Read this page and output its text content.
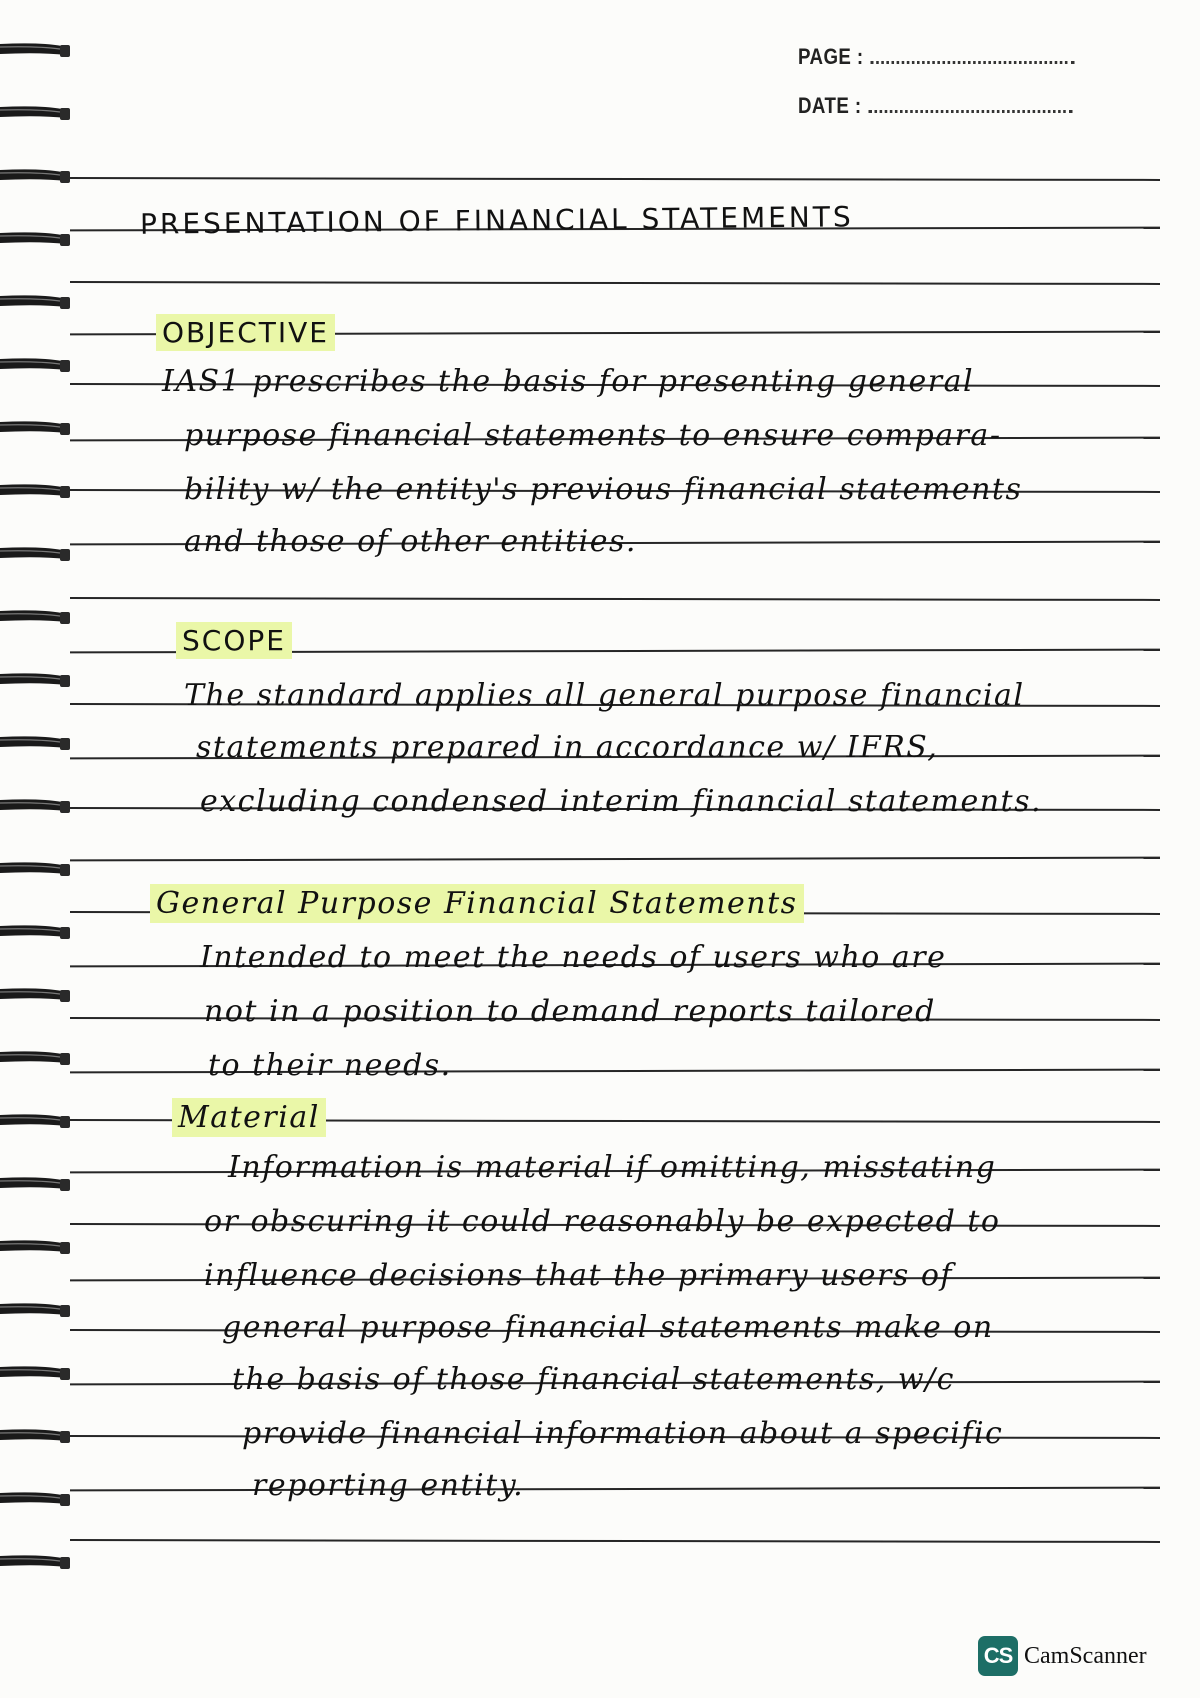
PAGE :
DATE :
PRESENTATION OF FINANCIAL STATEMENTS
OBJECTIVE
IAS1 prescribes the basis for presenting general
purpose financial statements to ensure compara-
bility w/ the entity's previous financial statements
and those of other entities.
SCOPE
The standard applies all general purpose financial
statements prepared in accordance w/ IFRS,
excluding condensed interim financial statements.
General Purpose Financial Statements
Intended to meet the needs of users who are
not in a position to demand reports tailored
to their needs.
Material
Information is material if omitting, misstating
or obscuring it could reasonably be expected to
influence decisions that the primary users of
general purpose financial statements make on
the basis of those financial statements, w/c
provide financial information about a specific
reporting entity.
CS CamScanner
